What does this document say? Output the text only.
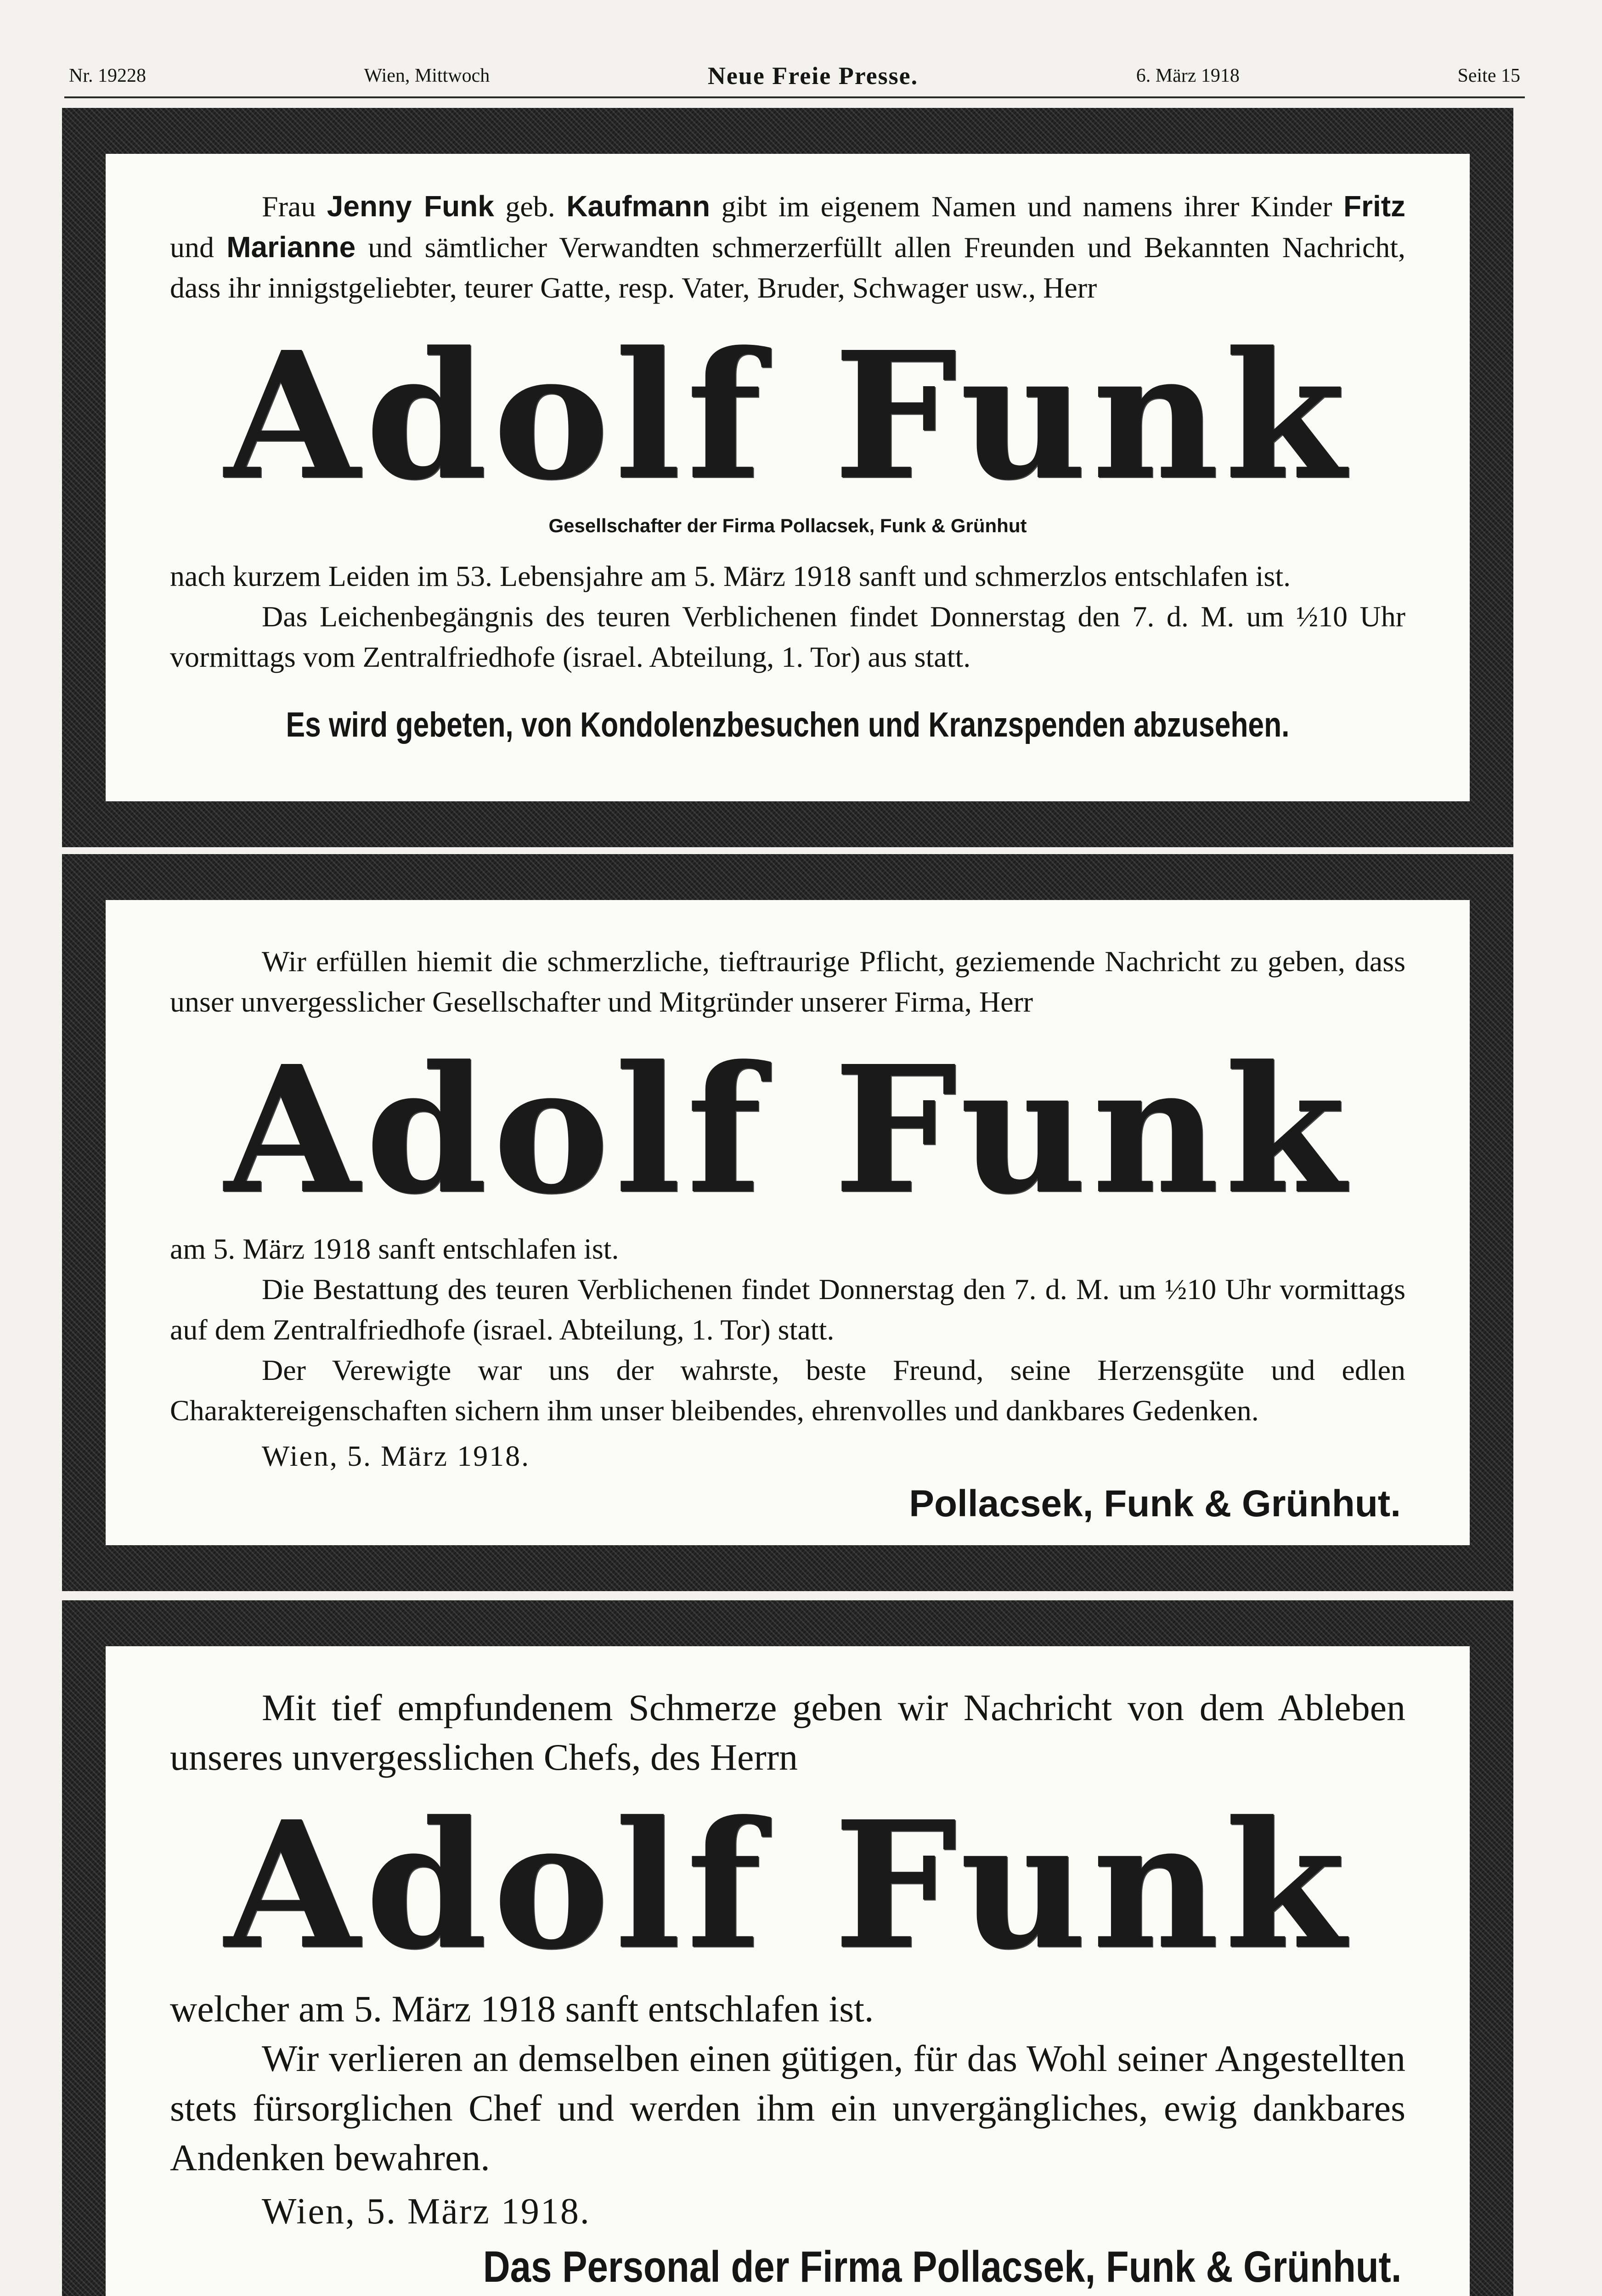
Nr. 19228	Wien, Mittwoch	Neue Freie Presse.	6. März 1918	Seite 15

Frau Jenny Funk geb. Kaufmann gibt im eigenem Namen und namens ihrer Kinder Fritz und Marianne und sämtlicher Verwandten schmerzerfüllt allen Freunden und Bekannten Nachricht, dass ihr innigstgeliebter, teurer Gatte, resp. Vater, Bruder, Schwager usw., Herr

Adolf Funk

Gesellschafter der Firma Pollacsek, Funk & Grünhut

nach kurzem Leiden im 53. Lebensjahre am 5. März 1918 sanft und schmerzlos entschlafen ist.

Das Leichenbegängnis des teuren Verblichenen findet Donnerstag den 7. d. M. um ½10 Uhr vormittags vom Zentralfriedhofe (israel. Abteilung, 1. Tor) aus statt.

Es wird gebeten, von Kondolenzbesuchen und Kranzspenden abzusehen.

Wir erfüllen hiemit die schmerzliche, tieftraurige Pflicht, geziemende Nachricht zu geben, dass unser unvergesslicher Gesellschafter und Mitgründer unserer Firma, Herr

Adolf Funk

am 5. März 1918 sanft entschlafen ist.

Die Bestattung des teuren Verblichenen findet Donnerstag den 7. d. M. um ½10 Uhr vormittags auf dem Zentralfriedhofe (israel. Abteilung, 1. Tor) statt.

Der Verewigte war uns der wahrste, beste Freund, seine Herzensgüte und edlen Charaktereigenschaften sichern ihm unser bleibendes, ehrenvolles und dankbares Gedenken.

Wien, 5. März 1918.
Pollacsek, Funk & Grünhut.

Mit tief empfundenem Schmerze geben wir Nachricht von dem Ableben unseres unvergesslichen Chefs, des Herrn

Adolf Funk

welcher am 5. März 1918 sanft entschlafen ist.

Wir verlieren an demselben einen gütigen, für das Wohl seiner Angestellten stets fürsorglichen Chef und werden ihm ein unvergängliches, ewig dankbares Andenken bewahren.

Wien, 5. März 1918.
Das Personal der Firma Pollacsek, Funk & Grünhut.
